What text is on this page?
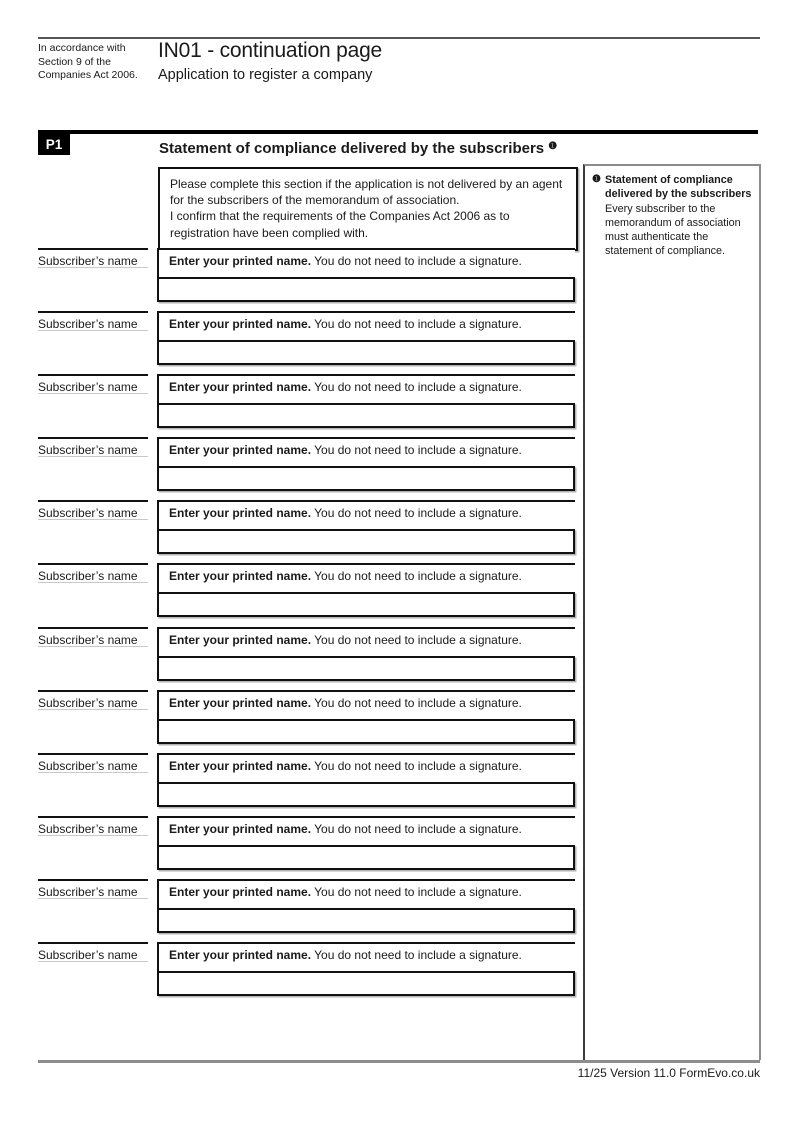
In accordance with Section 9 of the Companies Act 2006.
IN01 - continuation page
Application to register a company
P1	Statement of compliance delivered by the subscribers $^❶$
Please complete this section if the application is not delivered by an agent for the subscribers of the memorandum of association.
I confirm that the requirements of the Companies Act 2006 as to registration have been complied with.
Subscriber’s name	Enter your printed name. You do not need to include a signature.
Subscriber’s name	Enter your printed name. You do not need to include a signature.
Subscriber’s name	Enter your printed name. You do not need to include a signature.
Subscriber’s name	Enter your printed name. You do not need to include a signature.
Subscriber’s name	Enter your printed name. You do not need to include a signature.
Subscriber’s name	Enter your printed name. You do not need to include a signature.
Subscriber’s name	Enter your printed name. You do not need to include a signature.
Subscriber’s name	Enter your printed name. You do not need to include a signature.
Subscriber’s name	Enter your printed name. You do not need to include a signature.
Subscriber’s name	Enter your printed name. You do not need to include a signature.
Subscriber’s name	Enter your printed name. You do not need to include a signature.
Subscriber’s name	Enter your printed name. You do not need to include a signature.
❶ Statement of compliance delivered by the subscribers
Every subscriber to the memorandum of association must authenticate the statement of compliance.
11/25 Version 11.0 FormEvo.co.uk
